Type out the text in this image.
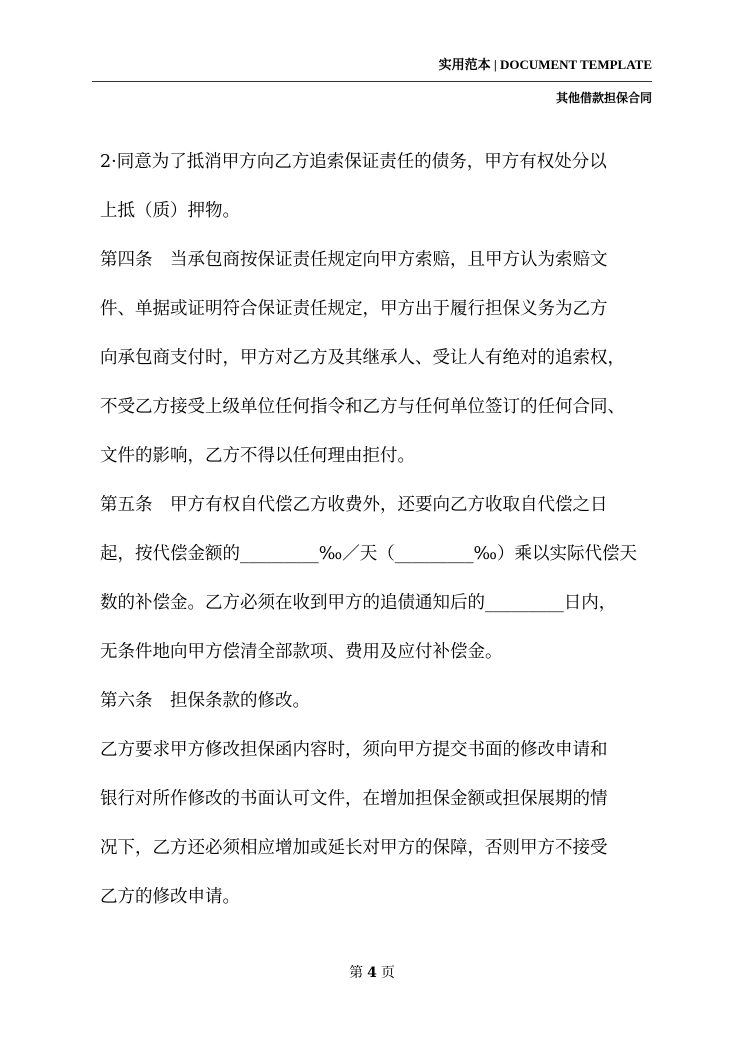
实用范本 | DOCUMENT TEMPLATE
其他借款担保合同
2·同意为了抵消甲方向乙方追索保证责任的债务，甲方有权处分以
上抵（质）押物。
第四条　当承包商按保证责任规定向甲方索赔，且甲方认为索赔文
件、单据或证明符合保证责任规定，甲方出于履行担保义务为乙方
向承包商支付时，甲方对乙方及其继承人、受让人有绝对的追索权，
不受乙方接受上级单位任何指令和乙方与任何单位签订的任何合同、
文件的影响，乙方不得以任何理由拒付。
第五条　甲方有权自代偿乙方收费外，还要向乙方收取自代偿之日
起，按代偿金额的_________‰／天（_________‰）乘以实际代偿天
数的补偿金。乙方必须在收到甲方的追债通知后的_________日内，
无条件地向甲方偿清全部款项、费用及应付补偿金。
第六条　担保条款的修改。
乙方要求甲方修改担保函内容时，须向甲方提交书面的修改申请和
银行对所作修改的书面认可文件，在增加担保金额或担保展期的情
况下，乙方还必须相应增加或延长对甲方的保障，否则甲方不接受
乙方的修改申请。
第 4 页
